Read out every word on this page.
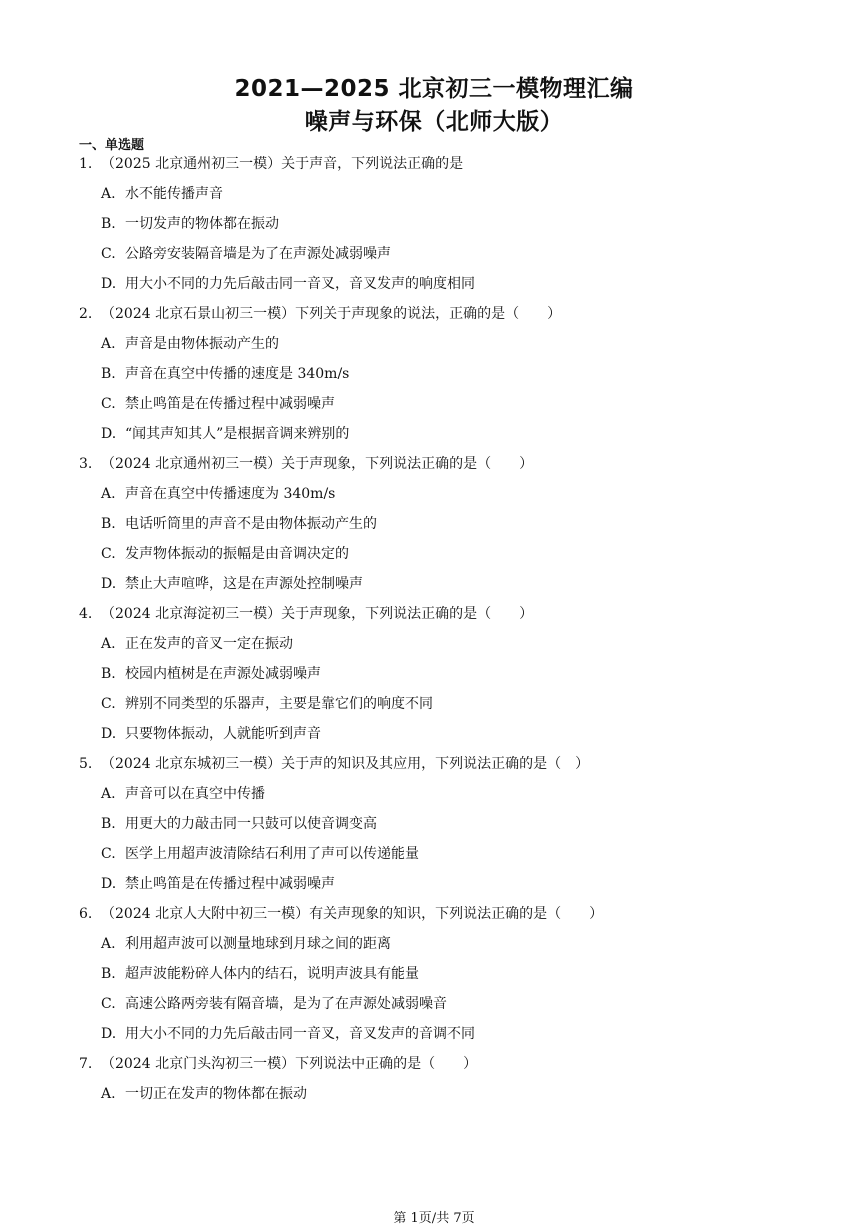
2021—2025 北京初三一模物理汇编
噪声与环保（北师大版）
一、单选题
1. （2025 北京通州初三一模）关于声音，下列说法正确的是
A. 水不能传播声音
B. 一切发声的物体都在振动
C. 公路旁安装隔音墙是为了在声源处减弱噪声
D. 用大小不同的力先后敲击同一音叉，音叉发声的响度相同
2. （2024 北京石景山初三一模）下列关于声现象的说法，正确的是（　　）
A. 声音是由物体振动产生的
B. 声音在真空中传播的速度是 340m/s
C. 禁止鸣笛是在传播过程中减弱噪声
D. “闻其声知其人”是根据音调来辨别的
3. （2024 北京通州初三一模）关于声现象，下列说法正确的是（　　）
A. 声音在真空中传播速度为 340m/s
B. 电话听筒里的声音不是由物体振动产生的
C. 发声物体振动的振幅是由音调决定的
D. 禁止大声喧哗，这是在声源处控制噪声
4. （2024 北京海淀初三一模）关于声现象，下列说法正确的是（　　）
A. 正在发声的音叉一定在振动
B. 校园内植树是在声源处减弱噪声
C. 辨别不同类型的乐器声，主要是靠它们的响度不同
D. 只要物体振动，人就能听到声音
5. （2024 北京东城初三一模）关于声的知识及其应用，下列说法正确的是（　）
A. 声音可以在真空中传播
B. 用更大的力敲击同一只鼓可以使音调变高
C. 医学上用超声波清除结石利用了声可以传递能量
D. 禁止鸣笛是在传播过程中减弱噪声
6. （2024 北京人大附中初三一模）有关声现象的知识，下列说法正确的是（　　）
A. 利用超声波可以测量地球到月球之间的距离
B. 超声波能粉碎人体内的结石，说明声波具有能量
C. 高速公路两旁装有隔音墙，是为了在声源处减弱噪音
D. 用大小不同的力先后敲击同一音叉，音叉发声的音调不同
7. （2024 北京门头沟初三一模）下列说法中正确的是（　　）
A. 一切正在发声的物体都在振动
第 1页/共 7页
